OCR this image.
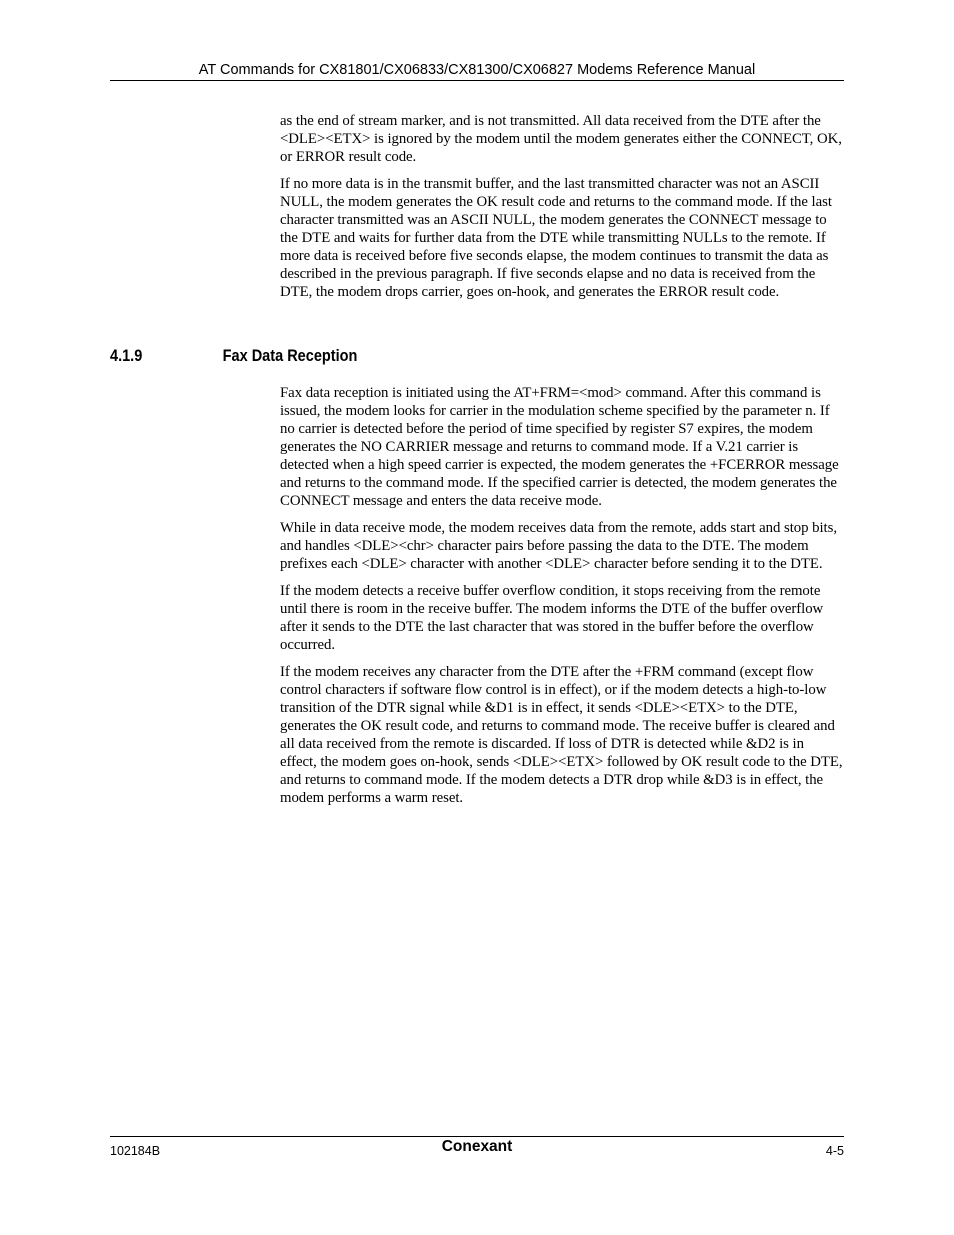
AT Commands for CX81801/CX06833/CX81300/CX06827 Modems Reference Manual

as the end of stream marker, and is not transmitted. All data received from the DTE after the <DLE><ETX> is ignored by the modem until the modem generates either the CONNECT, OK, or ERROR result code.

If no more data is in the transmit buffer, and the last transmitted character was not an ASCII NULL, the modem generates the OK result code and returns to the command mode. If the last character transmitted was an ASCII NULL, the modem generates the CONNECT message to the DTE and waits for further data from the DTE while transmitting NULLs to the remote. If more data is received before five seconds elapse, the modem continues to transmit the data as described in the previous paragraph. If five seconds elapse and no data is received from the DTE, the modem drops carrier, goes on-hook, and generates the ERROR result code.

4.1.9	Fax Data Reception

Fax data reception is initiated using the AT+FRM=<mod> command. After this command is issued, the modem looks for carrier in the modulation scheme specified by the parameter n. If no carrier is detected before the period of time specified by register S7 expires, the modem generates the NO CARRIER message and returns to command mode. If a V.21 carrier is detected when a high speed carrier is expected, the modem generates the +FCERROR message and returns to the command mode. If the specified carrier is detected, the modem generates the CONNECT message and enters the data receive mode.

While in data receive mode, the modem receives data from the remote, adds start and stop bits, and handles <DLE><chr> character pairs before passing the data to the DTE. The modem prefixes each <DLE> character with another <DLE> character before sending it to the DTE.

If the modem detects a receive buffer overflow condition, it stops receiving from the remote until there is room in the receive buffer. The modem informs the DTE of the buffer overflow after it sends to the DTE the last character that was stored in the buffer before the overflow occurred.

If the modem receives any character from the DTE after the +FRM command (except flow control characters if software flow control is in effect), or if the modem detects a high-to-low transition of the DTR signal while &D1 is in effect, it sends <DLE><ETX> to the DTE, generates the OK result code, and returns to command mode. The receive buffer is cleared and all data received from the remote is discarded. If loss of DTR is detected while &D2 is in effect, the modem goes on-hook, sends <DLE><ETX> followed by OK result code to the DTE, and returns to command mode. If the modem detects a DTR drop while &D3 is in effect, the modem performs a warm reset.

102184B	Conexant	4-5
